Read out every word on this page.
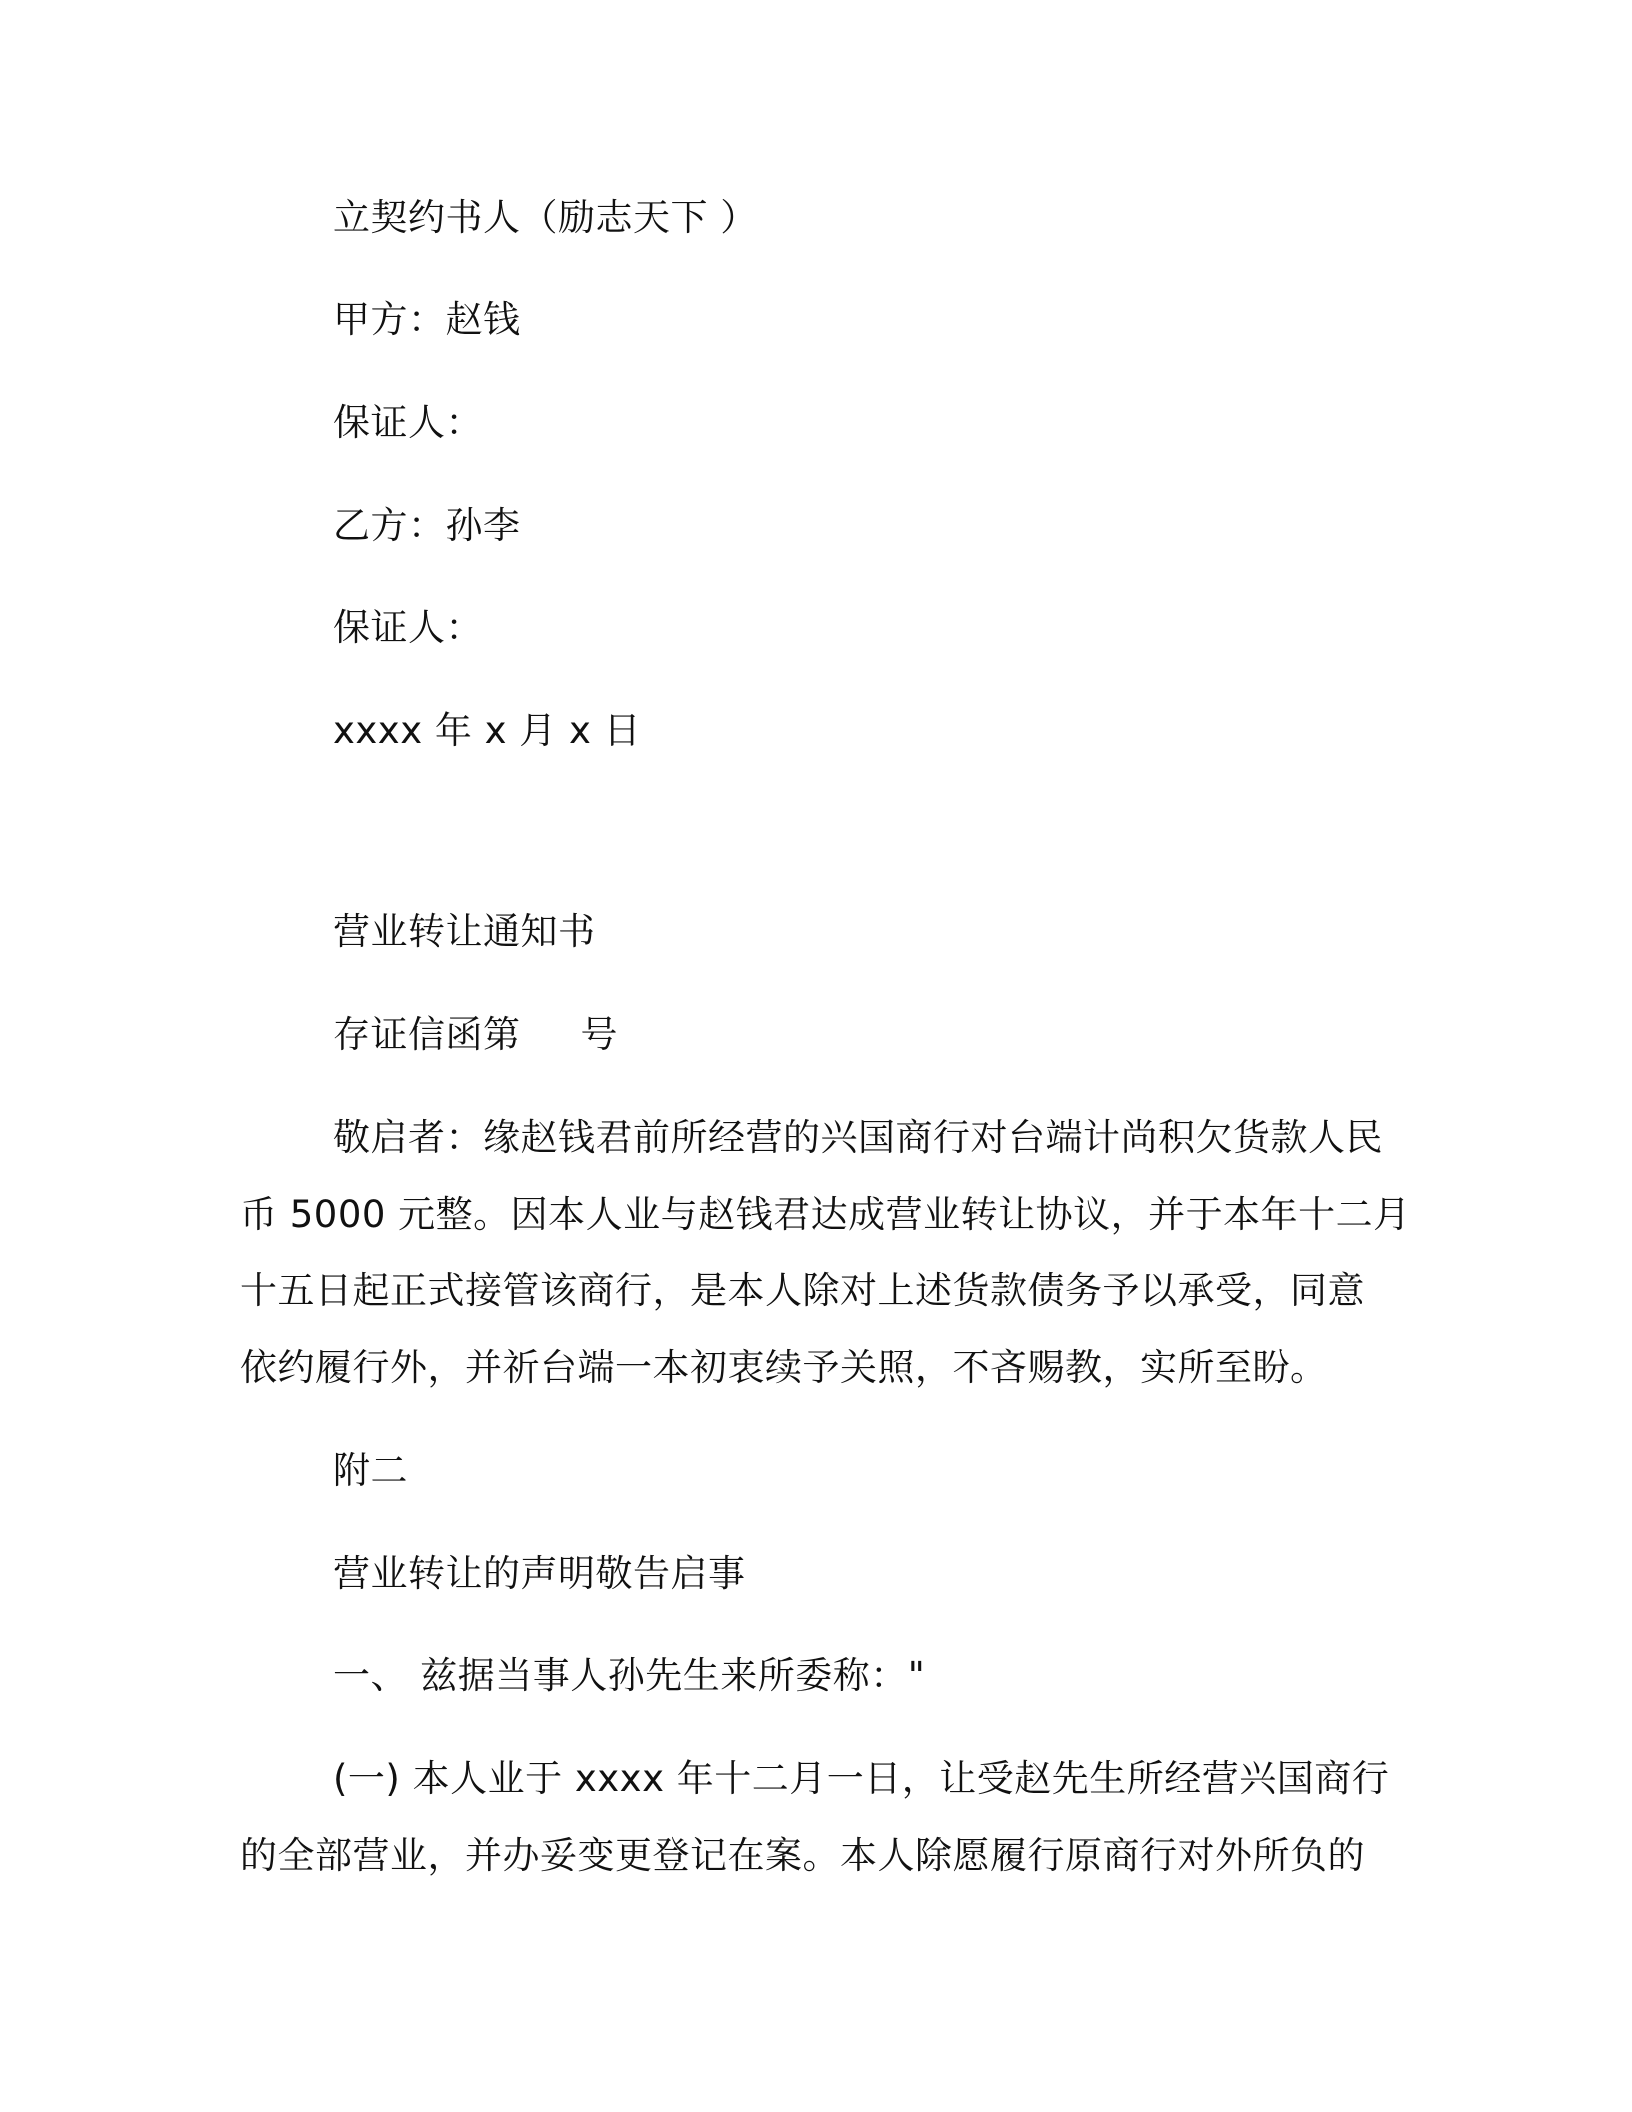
立契约书人（励志天下 ）
甲方：赵钱
保证人：
乙方：孙李
保证人：
xxxx 年 x 月 x 日
营业转让通知书
存证信函第 号
敬启者：缘赵钱君前所经营的兴国商行对台端计尚积欠货款人民
币 5000 元整。因本人业与赵钱君达成营业转让协议，并于本年十二月
十五日起正式接管该商行，是本人除对上述货款债务予以承受，同意
依约履行外，并祈台端一本初衷续予关照，不吝赐教，实所至盼。
附二
营业转让的声明敬告启事
一、 兹据当事人孙先生来所委称："
(一) 本人业于 xxxx 年十二月一日，让受赵先生所经营兴国商行
的全部营业，并办妥变更登记在案。本人除愿履行原商行对外所负的
